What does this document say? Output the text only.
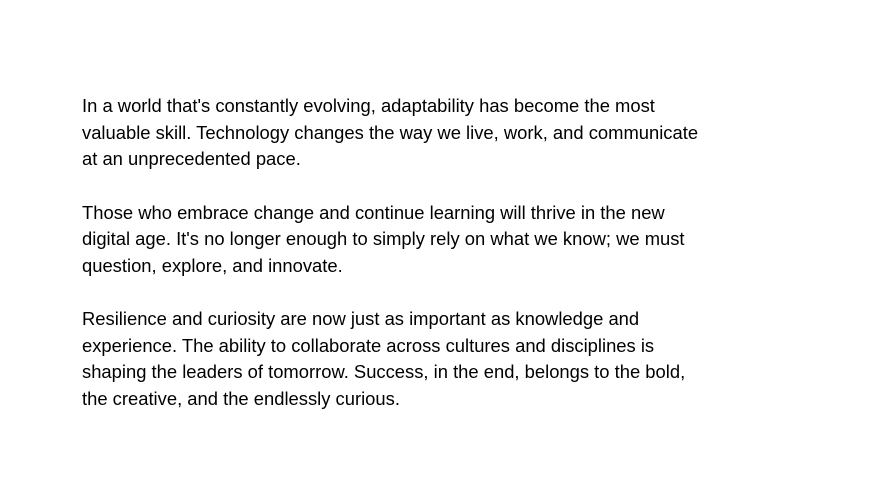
In a world that's constantly evolving, adaptability has become the most
valuable skill. Technology changes the way we live, work, and communicate
at an unprecedented pace.

Those who embrace change and continue learning will thrive in the new
digital age. It's no longer enough to simply rely on what we know; we must
question, explore, and innovate.

Resilience and curiosity are now just as important as knowledge and
experience. The ability to collaborate across cultures and disciplines is
shaping the leaders of tomorrow. Success, in the end, belongs to the bold,
the creative, and the endlessly curious.
